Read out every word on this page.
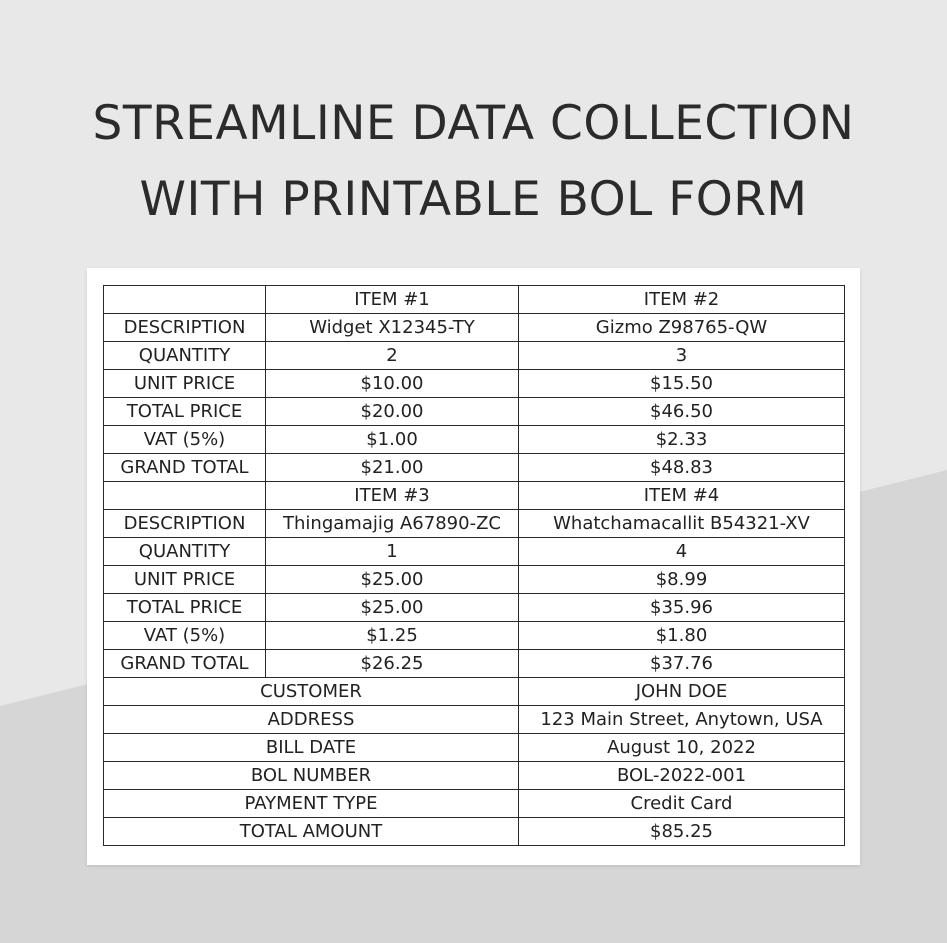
STREAMLINE DATA COLLECTION
WITH PRINTABLE BOL FORM
	ITEM #1	ITEM #2
DESCRIPTION	Widget X12345-TY	Gizmo Z98765-QW
QUANTITY	2	3
UNIT PRICE	$10.00	$15.50
TOTAL PRICE	$20.00	$46.50
VAT (5%)	$1.00	$2.33
GRAND TOTAL	$21.00	$48.83
	ITEM #3	ITEM #4
DESCRIPTION	Thingamajig A67890-ZC	Whatchamacallit B54321-XV
QUANTITY	1	4
UNIT PRICE	$25.00	$8.99
TOTAL PRICE	$25.00	$35.96
VAT (5%)	$1.25	$1.80
GRAND TOTAL	$26.25	$37.76
CUSTOMER		JOHN DOE
ADDRESS		123 Main Street, Anytown, USA
BILL DATE		August 10, 2022
BOL NUMBER		BOL-2022-001
PAYMENT TYPE		Credit Card
TOTAL AMOUNT		$85.25
